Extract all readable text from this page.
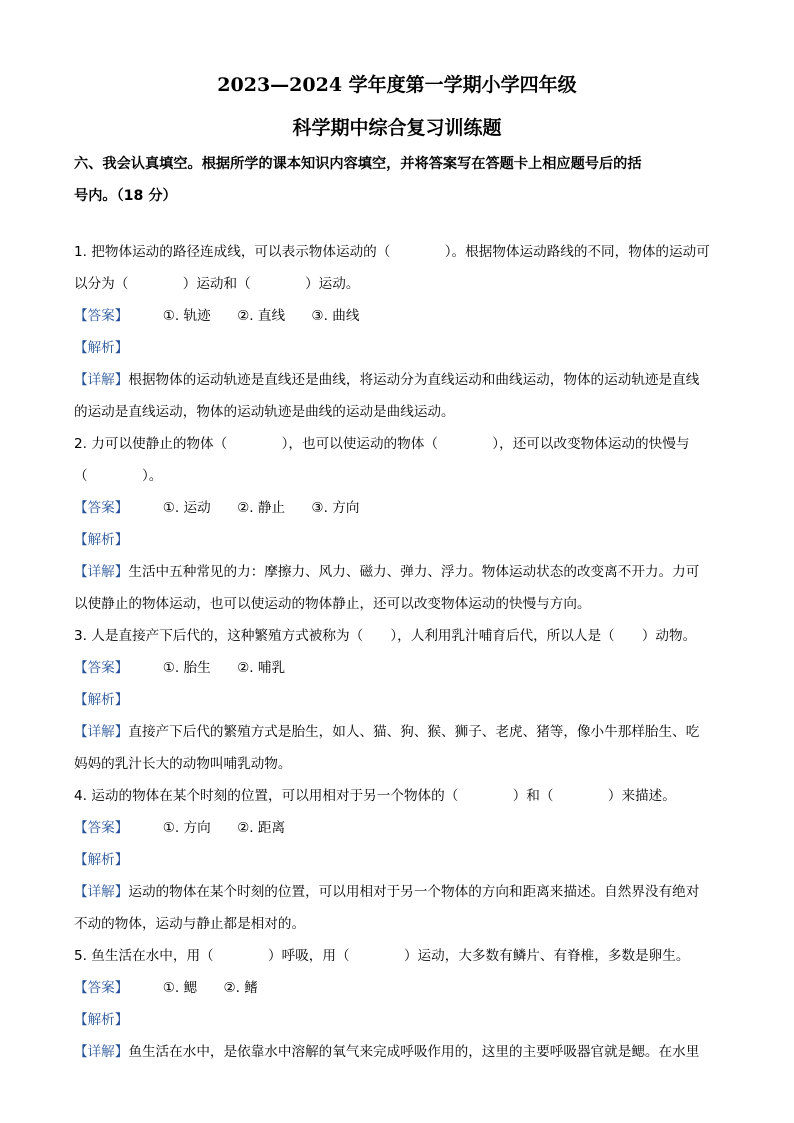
2023—2024 学年度第一学期小学四年级
科学期中综合复习训练题
六、我会认真填空。根据所学的课本知识内容填空，并将答案写在答题卡上相应题号后的括
号内。（18 分）
1. 把物体运动的路径连成线，可以表示物体运动的（　　　　）。根据物体运动路线的不同，物体的运动可
以分为（　　　　）运动和（　　　　）运动。
【答案】	①. 轨迹 ②. 直线 ③. 曲线
【解析】
【详解】根据物体的运动轨迹是直线还是曲线，将运动分为直线运动和曲线运动，物体的运动轨迹是直线
的运动是直线运动，物体的运动轨迹是曲线的运动是曲线运动。
2. 力可以使静止的物体（　　　　），也可以使运动的物体（　　　　），还可以改变物体运动的快慢与
（　　　　）。
【答案】	①. 运动 ②. 静止 ③. 方向
【解析】
【详解】生活中五种常见的力：摩擦力、风力、磁力、弹力、浮力。物体运动状态的改变离不开力。力可
以使静止的物体运动，也可以使运动的物体静止，还可以改变物体运动的快慢与方向。
3. 人是直接产下后代的，这种繁殖方式被称为（　　），人利用乳汁哺育后代，所以人是（　　）动物。
【答案】	①. 胎生 ②. 哺乳
【解析】
【详解】直接产下后代的繁殖方式是胎生，如人、猫、狗、猴、狮子、老虎、猪等，像小牛那样胎生、吃
妈妈的乳汁长大的动物叫哺乳动物。
4. 运动的物体在某个时刻的位置，可以用相对于另一个物体的（　　　　）和（　　　　）来描述。
【答案】	①. 方向 ②. 距离
【解析】
【详解】运动的物体在某个时刻的位置，可以用相对于另一个物体的方向和距离来描述。自然界没有绝对
不动的物体，运动与静止都是相对的。
5. 鱼生活在水中，用（　　　　）呼吸，用（　　　　）运动，大多数有鳞片、有脊椎，多数是卵生。
【答案】	①. 鳃 ②. 鳍
【解析】
【详解】鱼生活在水中，是依靠水中溶解的氧气来完成呼吸作用的，这里的主要呼吸器官就是鳃。在水里
